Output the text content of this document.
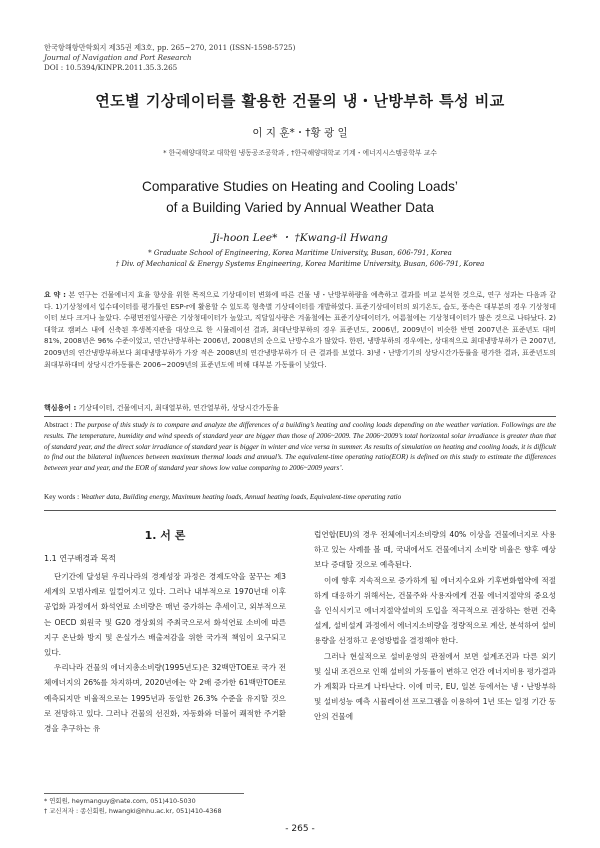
한국항해항만학회지 제35권 제3호, pp. 265~270, 2011 (ISSN-1598-5725)
Journal of Navigation and Port Research
DOI : 10.5394/KINPR.2011.35.3.265
연도별 기상데이터를 활용한 건물의 냉・난방부하 특성 비교
이 지 훈*・†황 광 일
* 한국해양대학교 대학원 냉동공조공학과 , †한국해양대학교 기계・에너지시스템공학부 교수
Comparative Studies on Heating and Cooling Loads’
of a Building Varied by Annual Weather Data
Ji-hoon Lee* ・ †Kwang-il Hwang
* Graduate School of Engineering, Korea Maritime University, Busan, 606-791, Korea
† Div. of Mechanical & Energy Systems Engineering, Korea Maritime University, Busan, 606-791, Korea
요 약 : 본 연구는 건물에너지 효율 향상을 위한 목적으로 기상데이터 변화에 따른 건물 냉・난방부하량을 예측하고 결과를 비교 분석한 것으로, 연구 성과는 다음과 같다. 1)기상청에서 입수데이터를 평가툴인 ESP-r에 활용할 수 있도록 형축별 기상데이터를 개발하였다. 표준기상데이터의 외기온도, 습도, 풍속은 대부분의 경우 기상청데이터 보다 크거나 높았다. 수평면전일사량은 기상청데이터가 높았고, 직달일사량은 겨울철에는 표준기상데이터가, 여름철에는 기상청데이터가 많은 것으로 나타났다. 2)대학교 캠퍼스 내에 신축된 후생복지관을 대상으로 한 시뮬레이션 결과, 최대난방부하의 경우 표준년도, 2006년, 2009년이 비슷한 반면 2007년은 표준년도 대비 81%, 2008년은 96% 수준이었고, 연간난방부하는 2006년, 2008년의 순으로 난방수요가 많았다. 한편, 냉방부하의 경우에는, 상대적으로 최대냉방부하가 큰 2007년, 2009년의 연간냉방부하보다 최대냉방부하가 가장 적은 2008년의 연간냉방부하가 더 큰 결과를 보였다. 3)냉・난방기기의 상당시간가동률을 평가한 결과, 표준년도의 최대부하대비 상당시간가동률은 2006~2009년의 표준년도에 비해 대부분 가동률이 낮았다.
핵심용어 : 기상데이터, 건물에너지, 최대열부하, 연간열부하, 상당시간가동율
Abstract : The purpose of this study is to compare and analyze the differences of a building’s heating and cooling loads depending on the weather variation. Followings are the results. The temperature, humidity and wind speeds of standard year are bigger than those of 2006~2009. The 2006~2009’s total horizontal solar irradiance is greater than that of standard year, and the direct solar irradiance of standard year is bigger in winter and vice versa in summer. As results of simulation on heating and cooling loads, it is difficult to find out the bilateral influences between maximum thermal loads and annual’s. The equivalent-time operating ratio(EOR) is defined on this study to estimate the differences between year and year, and the EOR of standard year shows low value comparing to 2006~2009 years’.
Key words : Weather data, Building energy, Maximum heating loads, Annual heating loads, Equivalent-time operating ratio
1. 서 론
1.1 연구배경과 목적

단기간에 달성된 우리나라의 경제성장 과정은 경제도약을 꿈꾸는 제3세계의 모범사례로 일컬어지고 있다. 그러나 내부적으로 1970년대 이후 공업화 과정에서 화석연료 소비량은 매년 증가하는 추세이고, 외부적으로는 OECD 회원국 및 G20 경상회의 주최국으로서 화석연료 소비에 따른 지구 온난화 방지 및 온실가스 배출저감을 위한 국가적 책임이 요구되고 있다.

우리나라 건물의 에너지총소비량(1995년도)은 32백만TOE로 국가 전체에너지의 26%를 차지하며, 2020년에는 약 2배 증가한 61백만TOE로 예측되지만 비율적으로는 1995년과 동일한 26.3% 수준을 유지할 것으로 전망하고 있다. 그러나 건물의 선진화, 자동화와 더불어 쾌적한 주거환경을 추구하는 유

럽연합(EU)의 경우 전체에너지소비량의 40% 이상을 건물에너지로 사용하고 있는 사례를 볼 때, 국내에서도 건물에너지 소비량 비율은 향후 예상보다 증대할 것으로 예측된다.

이에 향후 지속적으로 증가하게 될 에너지수요와 기후변화협약에 적절하게 대응하기 위해서는, 건물주와 사용자에게 건물 에너지절약의 중요성을 인식시키고 에너지절약설비의 도입을 적극적으로 권장하는 한편 건축설계, 설비설계 과정에서 에너지소비량을 정량적으로 계산, 분석하여 설비용량을 선정하고 운영방법을 결정해야 한다.

그러나 현실적으로 설비운영의 관점에서 보면 설계조건과 다른 외기 및 실내 조건으로 인해 설비의 가동률이 변하고 연간 에너지비용 평가결과가 계획과 다르게 나타난다. 이에 미국, EU, 일본 등에서는 냉・난방부하 및 설비성능 예측 시뮬레이션 프로그램을 이용하여 1년 또는 일정 기간 동안의 건물에

* 연회원, heymanguy@nate.com, 051)410-5030
† 교신저자 : 종신회원, hwangki@hhu.ac.kr, 051)410-4368
- 265 -
